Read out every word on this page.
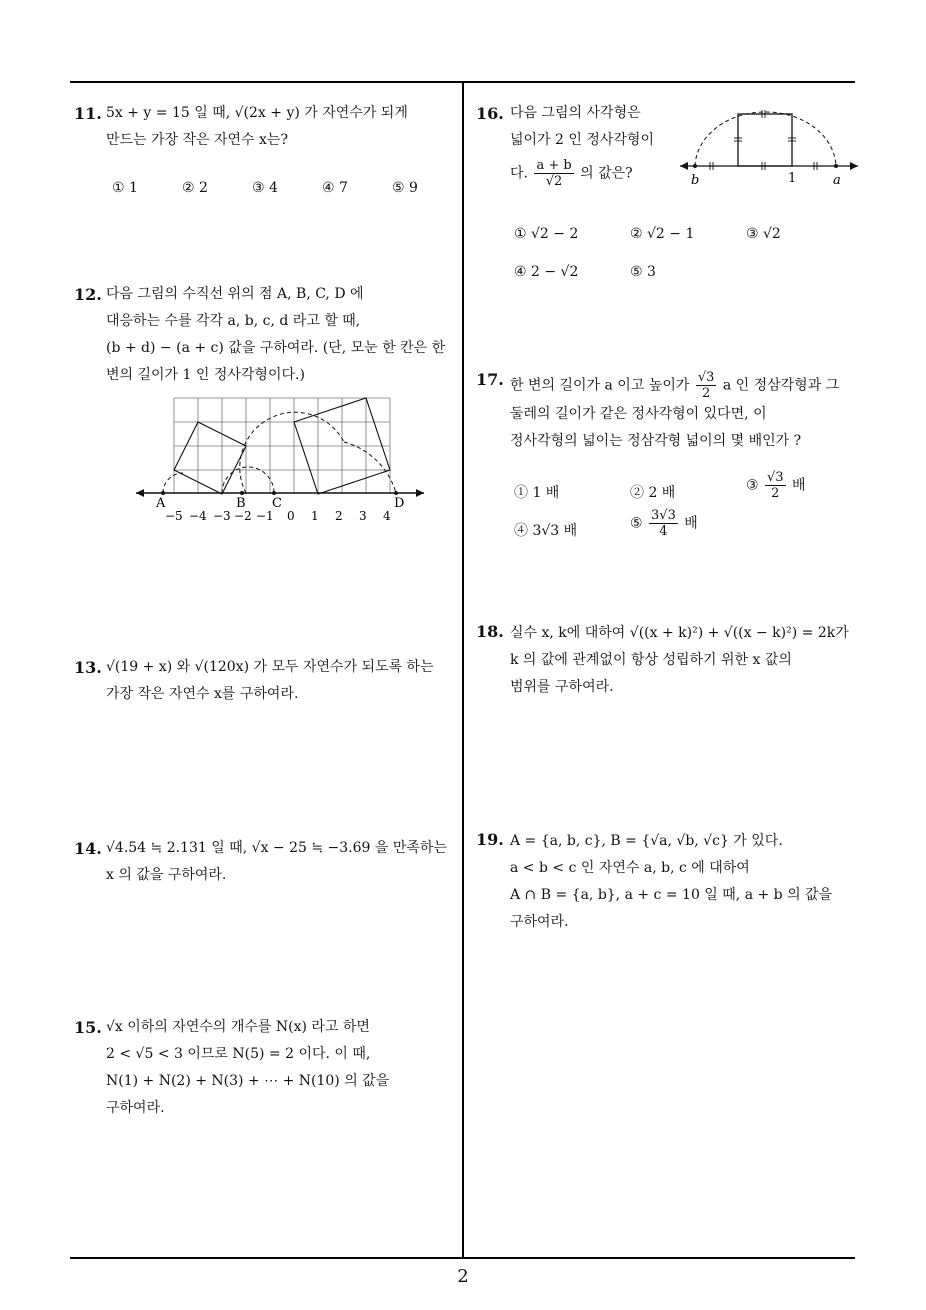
11. 5x + y = 15 일 때, √(2x + y) 가 자연수가 되게
만드는 가장 작은 자연수 x는?
① 1	② 2	③ 4	④ 7	⑤ 9
12. 다음 그림의 수직선 위의 점 A, B, C, D 에
대응하는 수를 각각 a, b, c, d 라고 할 때,
(b + d) − (a + c) 값을 구하여라. (단, 모눈 한 칸은 한
변의 길이가 1 인 정사각형이다.)
A	B C	D
−5 −4 −3 −2 −1 0 1 2 3 4
13. √(19 + x) 와 √(120x) 가 모두 자연수가 되도록 하는
가장 작은 자연수 x를 구하여라.
14. √4.54 ≒ 2.131 일 때, √x − 25 ≒ −3.69 을 만족하는
x 의 값을 구하여라.
15. √x 이하의 자연수의 개수를 N(x) 라고 하면
2 < √5 < 3 이므로 N(5) = 2 이다. 이 때,
N(1) + N(2) + N(3) + ⋯ + N(10) 의 값을
구하여라.
16. 다음 그림의 사각형은
넓이가 2 인 정사각형이
다. $\frac{a + b}{√2}$ 의 값은?	b	1	a
① √2 − 2	② √2 − 1	③ √2
④ 2 − √2	⑤ 3
17. 한 변의 길이가 a 이고 높이가 $\frac{√3}{2}$ a 인 정삼각형과 그
둘레의 길이가 같은 정사각형이 있다면, 이
정사각형의 넓이는 정삼각형 넓이의 몇 배인가 ?
① 1 배	② 2 배	③ $\frac{√3}{2}$ 배
④ 3√3 배	⑤ $\frac{3√3}{4}$ 배
18. 실수 x, k에 대하여 √((x + k)²) + √((x − k)²) = 2k가
k 의 값에 관계없이 항상 성립하기 위한 x 값의
범위를 구하여라.
19. A = {a, b, c}, B = {√a, √b, √c} 가 있다.
a < b < c 인 자연수 a, b, c 에 대하여
A ∩ B = {a, b}, a + c = 10 일 때, a + b 의 값을
구하여라.
2
